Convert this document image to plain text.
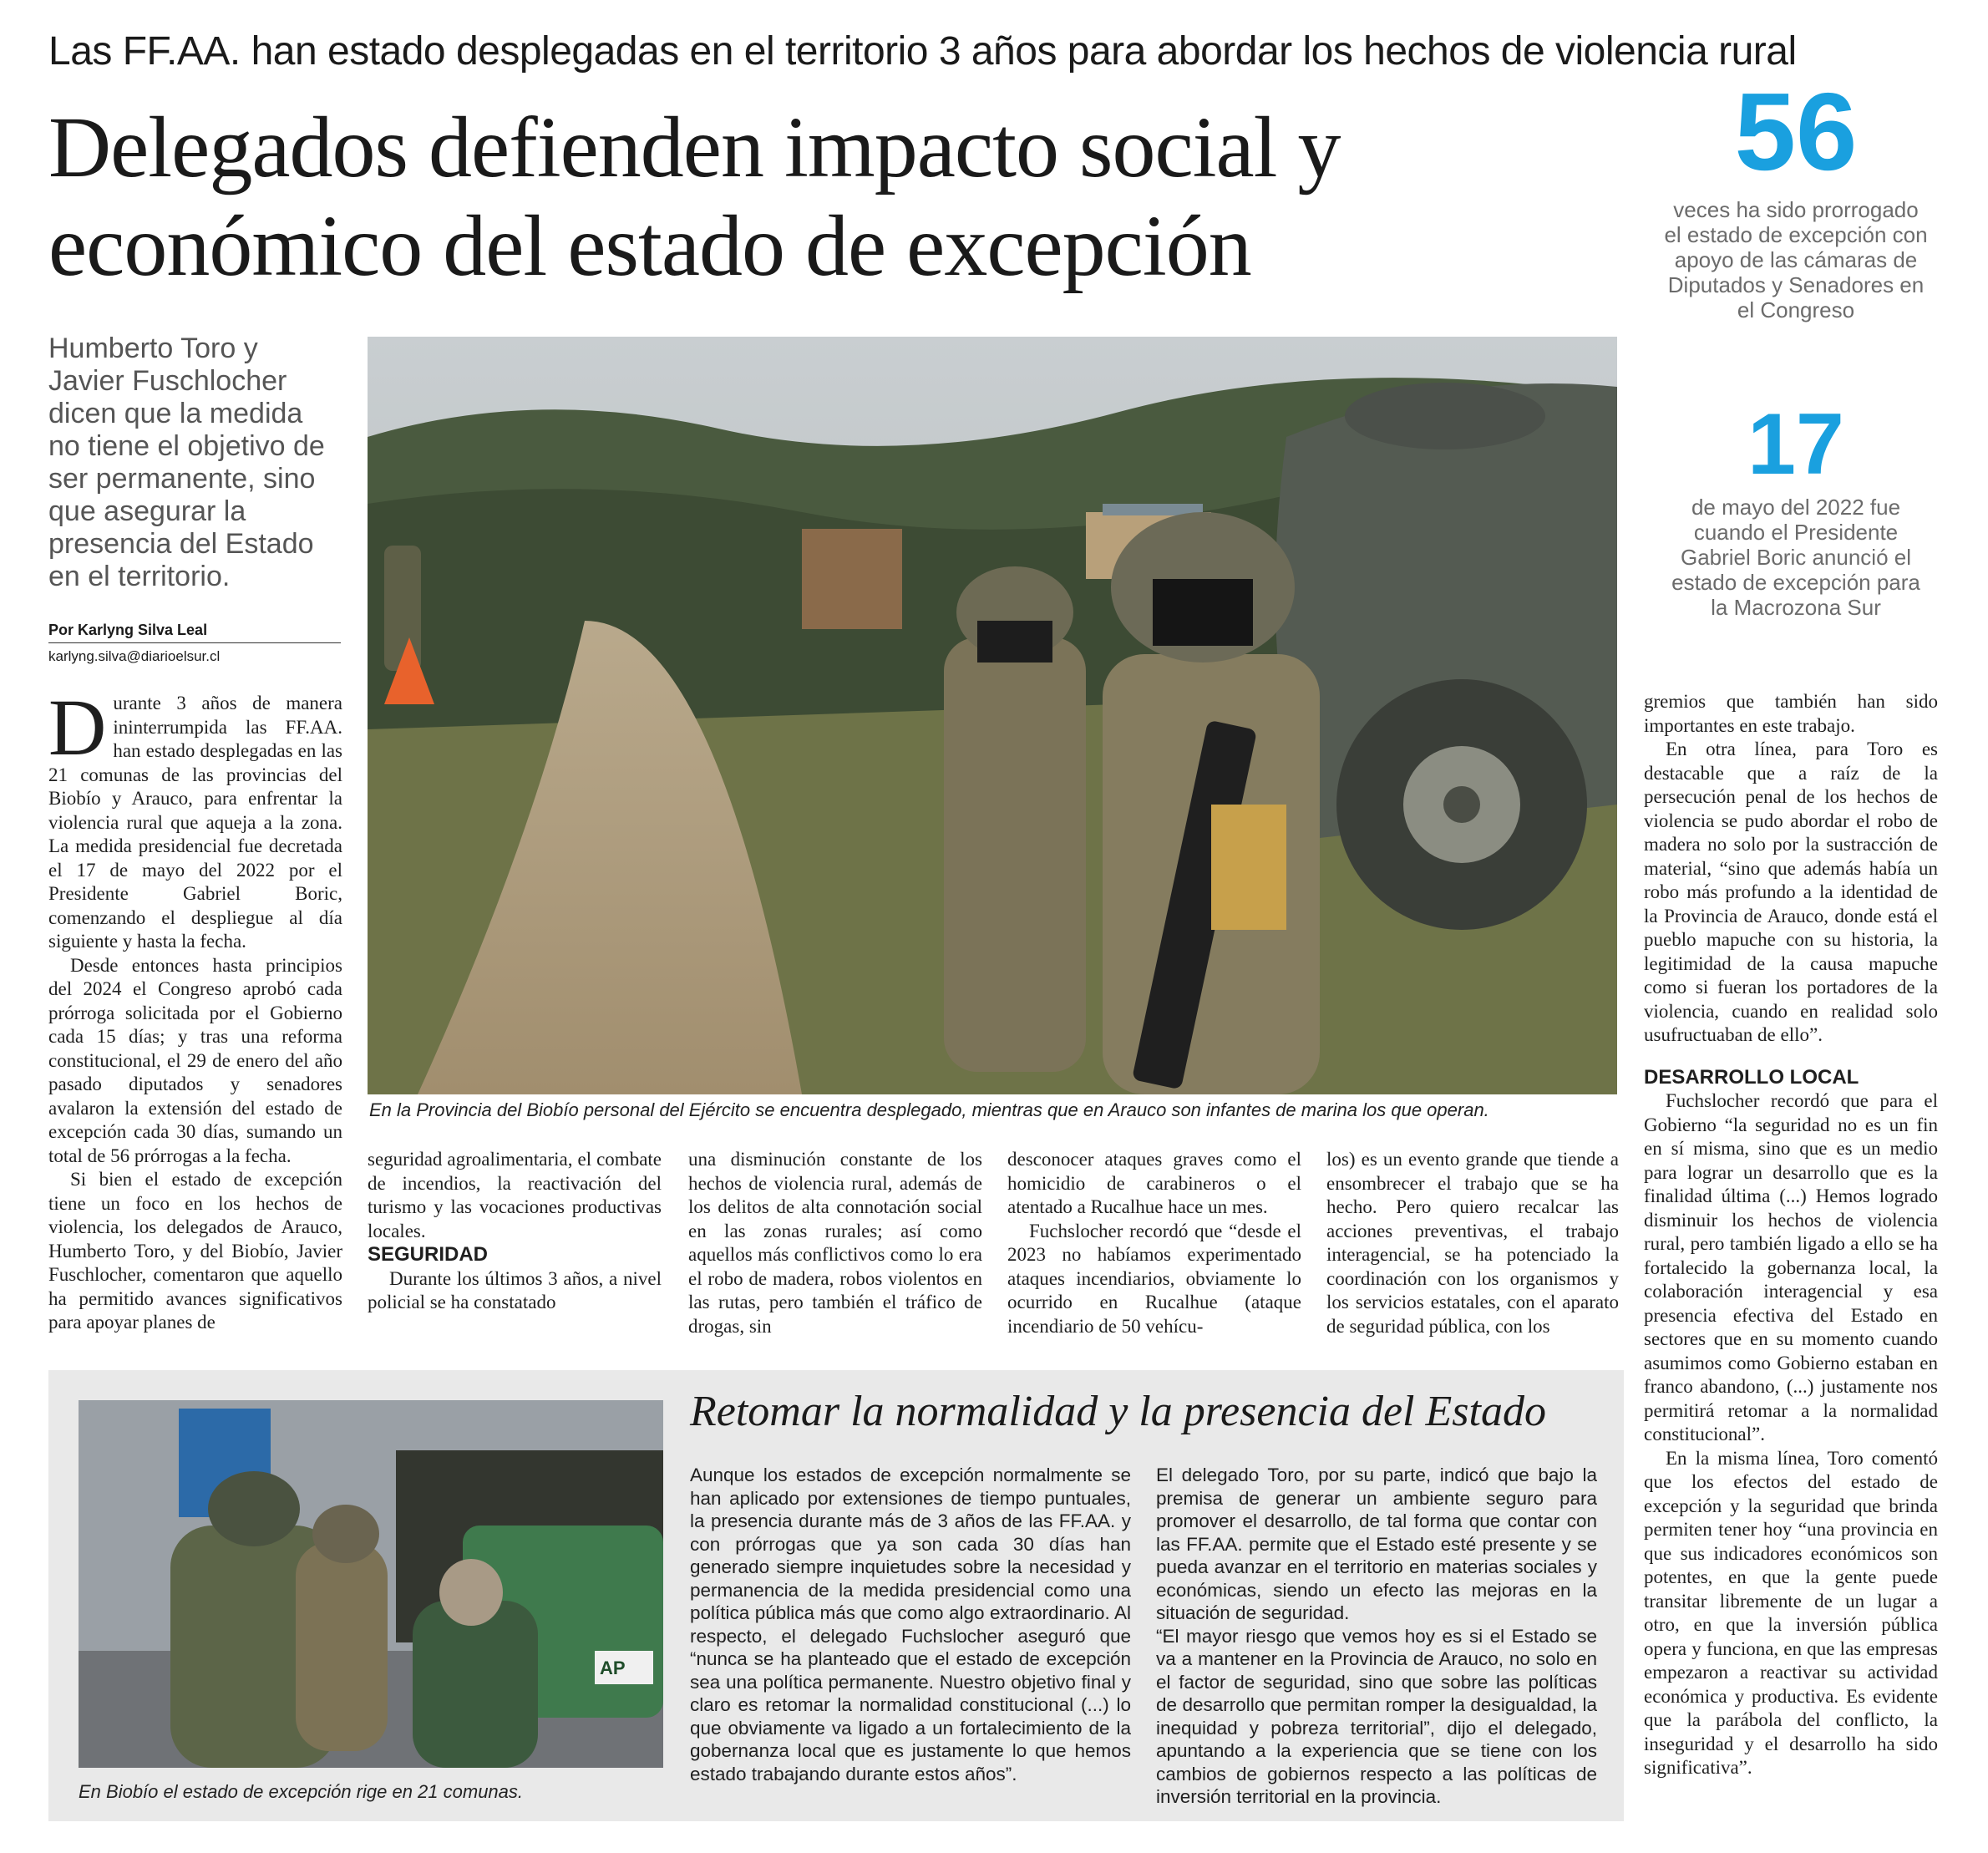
Las FF.AA. han estado desplegadas en el territorio 3 años para abordar los hechos de violencia rural
Delegados defienden impacto social y
económico del estado de excepción
56
veces ha sido prorrogado
el estado de excepción con
apoyo de las cámaras de
Diputados y Senadores en
el Congreso
17
de mayo del 2022 fue
cuando el Presidente
Gabriel Boric anunció el
estado de excepción para
la Macrozona Sur
Humberto Toro y Javier Fuschlocher dicen que la medida no tiene el objetivo de ser permanente, sino que asegurar la presencia del Estado en el territorio.
Por Karlyng Silva Leal
karlyng.silva@diarioelsur.cl
En la Provincia del Biobío personal del Ejército se encuentra desplegado, mientras que en Arauco son infantes de marina los que operan.

Durante 3 años de manera ininterrumpida las FF.AA. han estado desplegadas en las 21 comunas de las provincias del Biobío y Arauco, para enfrentar la violencia rural que aqueja a la zona. La medida presidencial fue decretada el 17 de mayo del 2022 por el Presidente Gabriel Boric, comenzando el despliegue al día siguiente y hasta la fecha.

Desde entonces hasta principios del 2024 el Congreso aprobó cada prórroga solicitada por el Gobierno cada 15 días; y tras una reforma constitucional, el 29 de enero del año pasado diputados y senadores avalaron la extensión del estado de excepción cada 30 días, sumando un total de 56 prórrogas a la fecha.

Si bien el estado de excepción tiene un foco en los hechos de violencia, los delegados de Arauco, Humberto Toro, y del Biobío, Javier Fuschlocher, comentaron que aquello ha permitido avances significativos para apoyar planes de

seguridad agroalimentaria, el combate de incendios, la reactivación del turismo y las vocaciones productivas locales.

SEGURIDAD

Durante los últimos 3 años, a nivel policial se ha constatado

una disminución constante de los hechos de violencia rural, además de los delitos de alta connotación social en las zonas rurales; así como aquellos más conflictivos como lo era el robo de madera, robos violentos en las rutas, pero también el tráfico de drogas, sin

desconocer ataques graves como el homicidio de carabineros o el atentado a Rucalhue hace un mes.

Fuchslocher recordó que “desde el 2023 no habíamos experimentado ataques incendiarios, obviamente lo ocurrido en Rucalhue (ataque incendiario de 50 vehícu-

los) es un evento grande que tiende a ensombrecer el trabajo que se ha hecho. Pero quiero recalcar las acciones preventivas, el trabajo interagencial, se ha potenciado la coordinación con los organismos y los servicios estatales, con el aparato de seguridad pública, con los

gremios que también han sido importantes en este trabajo.

En otra línea, para Toro es destacable que a raíz de la persecución penal de los hechos de violencia se pudo abordar el robo de madera no solo por la sustracción de material, “sino que además había un robo más profundo a la identidad de la Provincia de Arauco, donde está el pueblo mapuche con su historia, la legitimidad de la causa mapuche como si fueran los portadores de la violencia, cuando en realidad solo usufructuaban de ello”.

DESARROLLO LOCAL

Fuchslocher recordó que para el Gobierno “la seguridad no es un fin en sí misma, sino que es un medio para lograr un desarrollo que es la finalidad última (...) Hemos logrado disminuir los hechos de violencia rural, pero también ligado a ello se ha fortalecido la gobernanza local, la colaboración interagencial y esa presencia efectiva del Estado en sectores que en su momento cuando asumimos como Gobierno estaban en franco abandono, (...) justamente nos permitirá retomar a la normalidad constitucional”.

En la misma línea, Toro comentó que los efectos del estado de excepción y la seguridad que brinda permiten tener hoy “una provincia en que sus indicadores económicos son potentes, en que la gente puede transitar libremente de un lugar a otro, en que la inversión pública opera y funciona, en que las empresas empezaron a reactivar su actividad económica y productiva. Es evidente que la parábola del conflicto, la inseguridad y el desarrollo ha sido significativa”.

AP
En Biobío el estado de excepción rige en 21 comunas.
Retomar la normalidad y la presencia del Estado

Aunque los estados de excepción normalmente se han aplicado por extensiones de tiempo puntuales, la presencia durante más de 3 años de las FF.AA. y con prórrogas que ya son cada 30 días han generado siempre inquietudes sobre la necesidad y permanencia de la medida presidencial como una política pública más que como algo extraordinario. Al respecto, el delegado Fuchslocher aseguró que “nunca se ha planteado que el estado de excepción sea una política permanente. Nuestro objetivo final y claro es retomar la normalidad constitucional (...) lo que obviamente va ligado a un fortalecimiento de la gobernanza local que es justamente lo que hemos estado trabajando durante estos años”.

El delegado Toro, por su parte, indicó que bajo la premisa de generar un ambiente seguro para promover el desarrollo, de tal forma que contar con las FF.AA. permite que el Estado esté presente y se pueda avanzar en el territorio en materias sociales y económicas, siendo un efecto las mejoras en la situación de seguridad.

“El mayor riesgo que vemos hoy es si el Estado se va a mantener en la Provincia de Arauco, no solo en el factor de seguridad, sino que sobre las políticas de desarrollo que permitan romper la desigualdad, la inequidad y pobreza territorial”, dijo el delegado, apuntando a la experiencia que se tiene con los cambios de gobiernos respecto a las políticas de inversión territorial en la provincia.
